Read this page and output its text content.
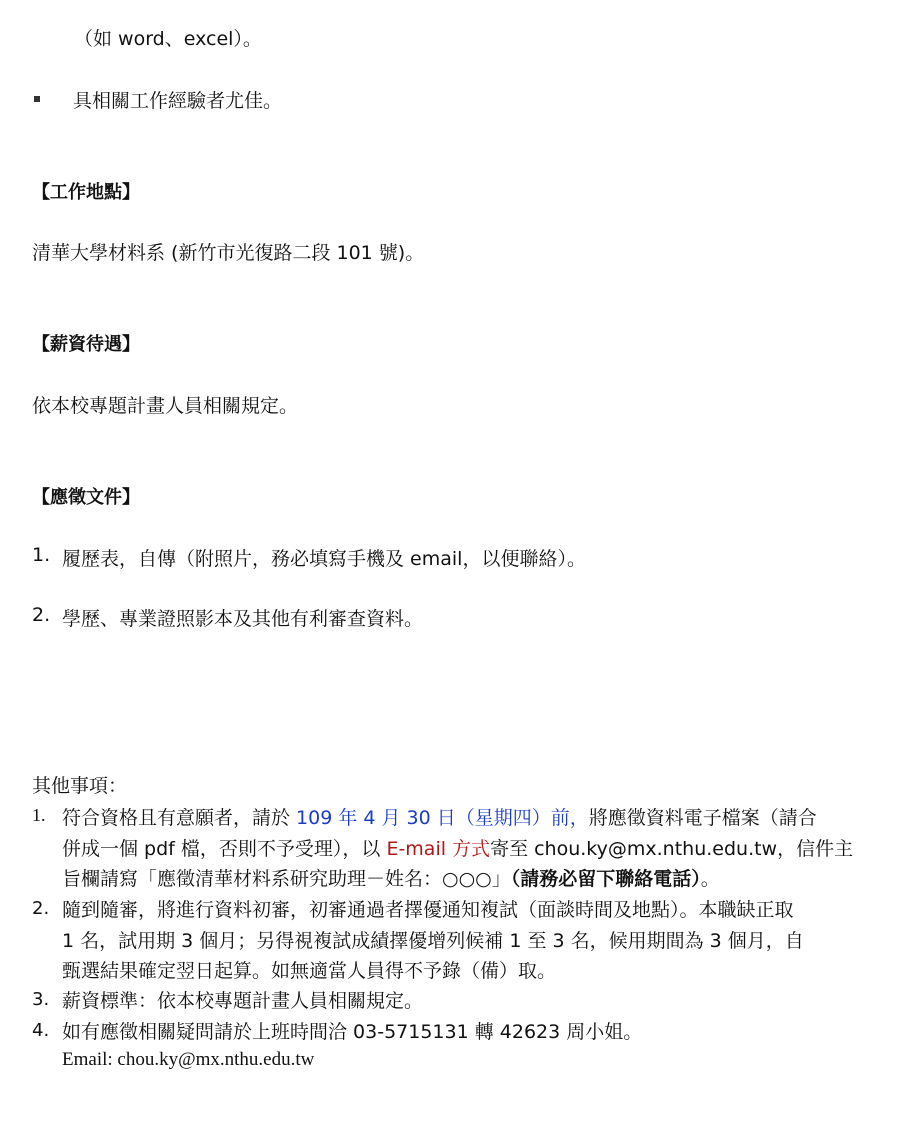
（如 word、excel）。
具相關工作經驗者尤佳。
【工作地點】
清華大學材料系 (新竹市光復路二段 101 號)。
【薪資待遇】
依本校專題計畫人員相關規定。
【應徵文件】
1. 履歷表，自傳（附照片，務必填寫手機及 email，以便聯絡）。
2. 學歷、專業證照影本及其他有利審查資料。
其他事項：
1. 符合資格且有意願者，請於 109 年 4 月 30 日（星期四）前，將應徵資料電子檔案（請合
併成一個 pdf 檔，否則不予受理），以 E-mail 方式寄至 chou.ky@mx.nthu.edu.tw，信件主
旨欄請寫「應徵清華材料系研究助理－姓名：○○○」（請務必留下聯絡電話）。
2. 隨到隨審，將進行資料初審，初審通過者擇優通知複試（面談時間及地點）。本職缺正取
1 名，試用期 3 個月；另得視複試成績擇優增列候補 1 至 3 名，候用期間為 3 個月，自
甄選結果確定翌日起算。如無適當人員得不予錄（備）取。
3. 薪資標準：依本校專題計畫人員相關規定。
4. 如有應徵相關疑問請於上班時間洽 03-5715131 轉 42623 周小姐。
Email: chou.ky@mx.nthu.edu.tw
